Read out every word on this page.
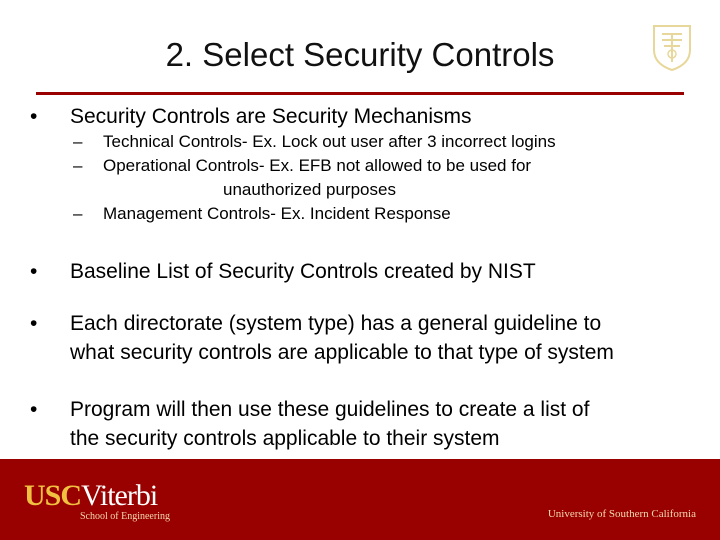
2. Select Security Controls
•	Security Controls are Security Mechanisms
– Technical Controls- Ex. Lock out user after 3 incorrect logins
– Operational Controls- Ex. EFB not allowed to be used for
unauthorized purposes
– Management Controls- Ex. Incident Response
•	Baseline List of Security Controls created by NIST
•	Each directorate (system type) has a general guideline to
what security controls are applicable to that type of system
•	Program will then use these guidelines to create a list of
the security controls applicable to their system
USCViterbi
School of Engineering	University of Southern California
